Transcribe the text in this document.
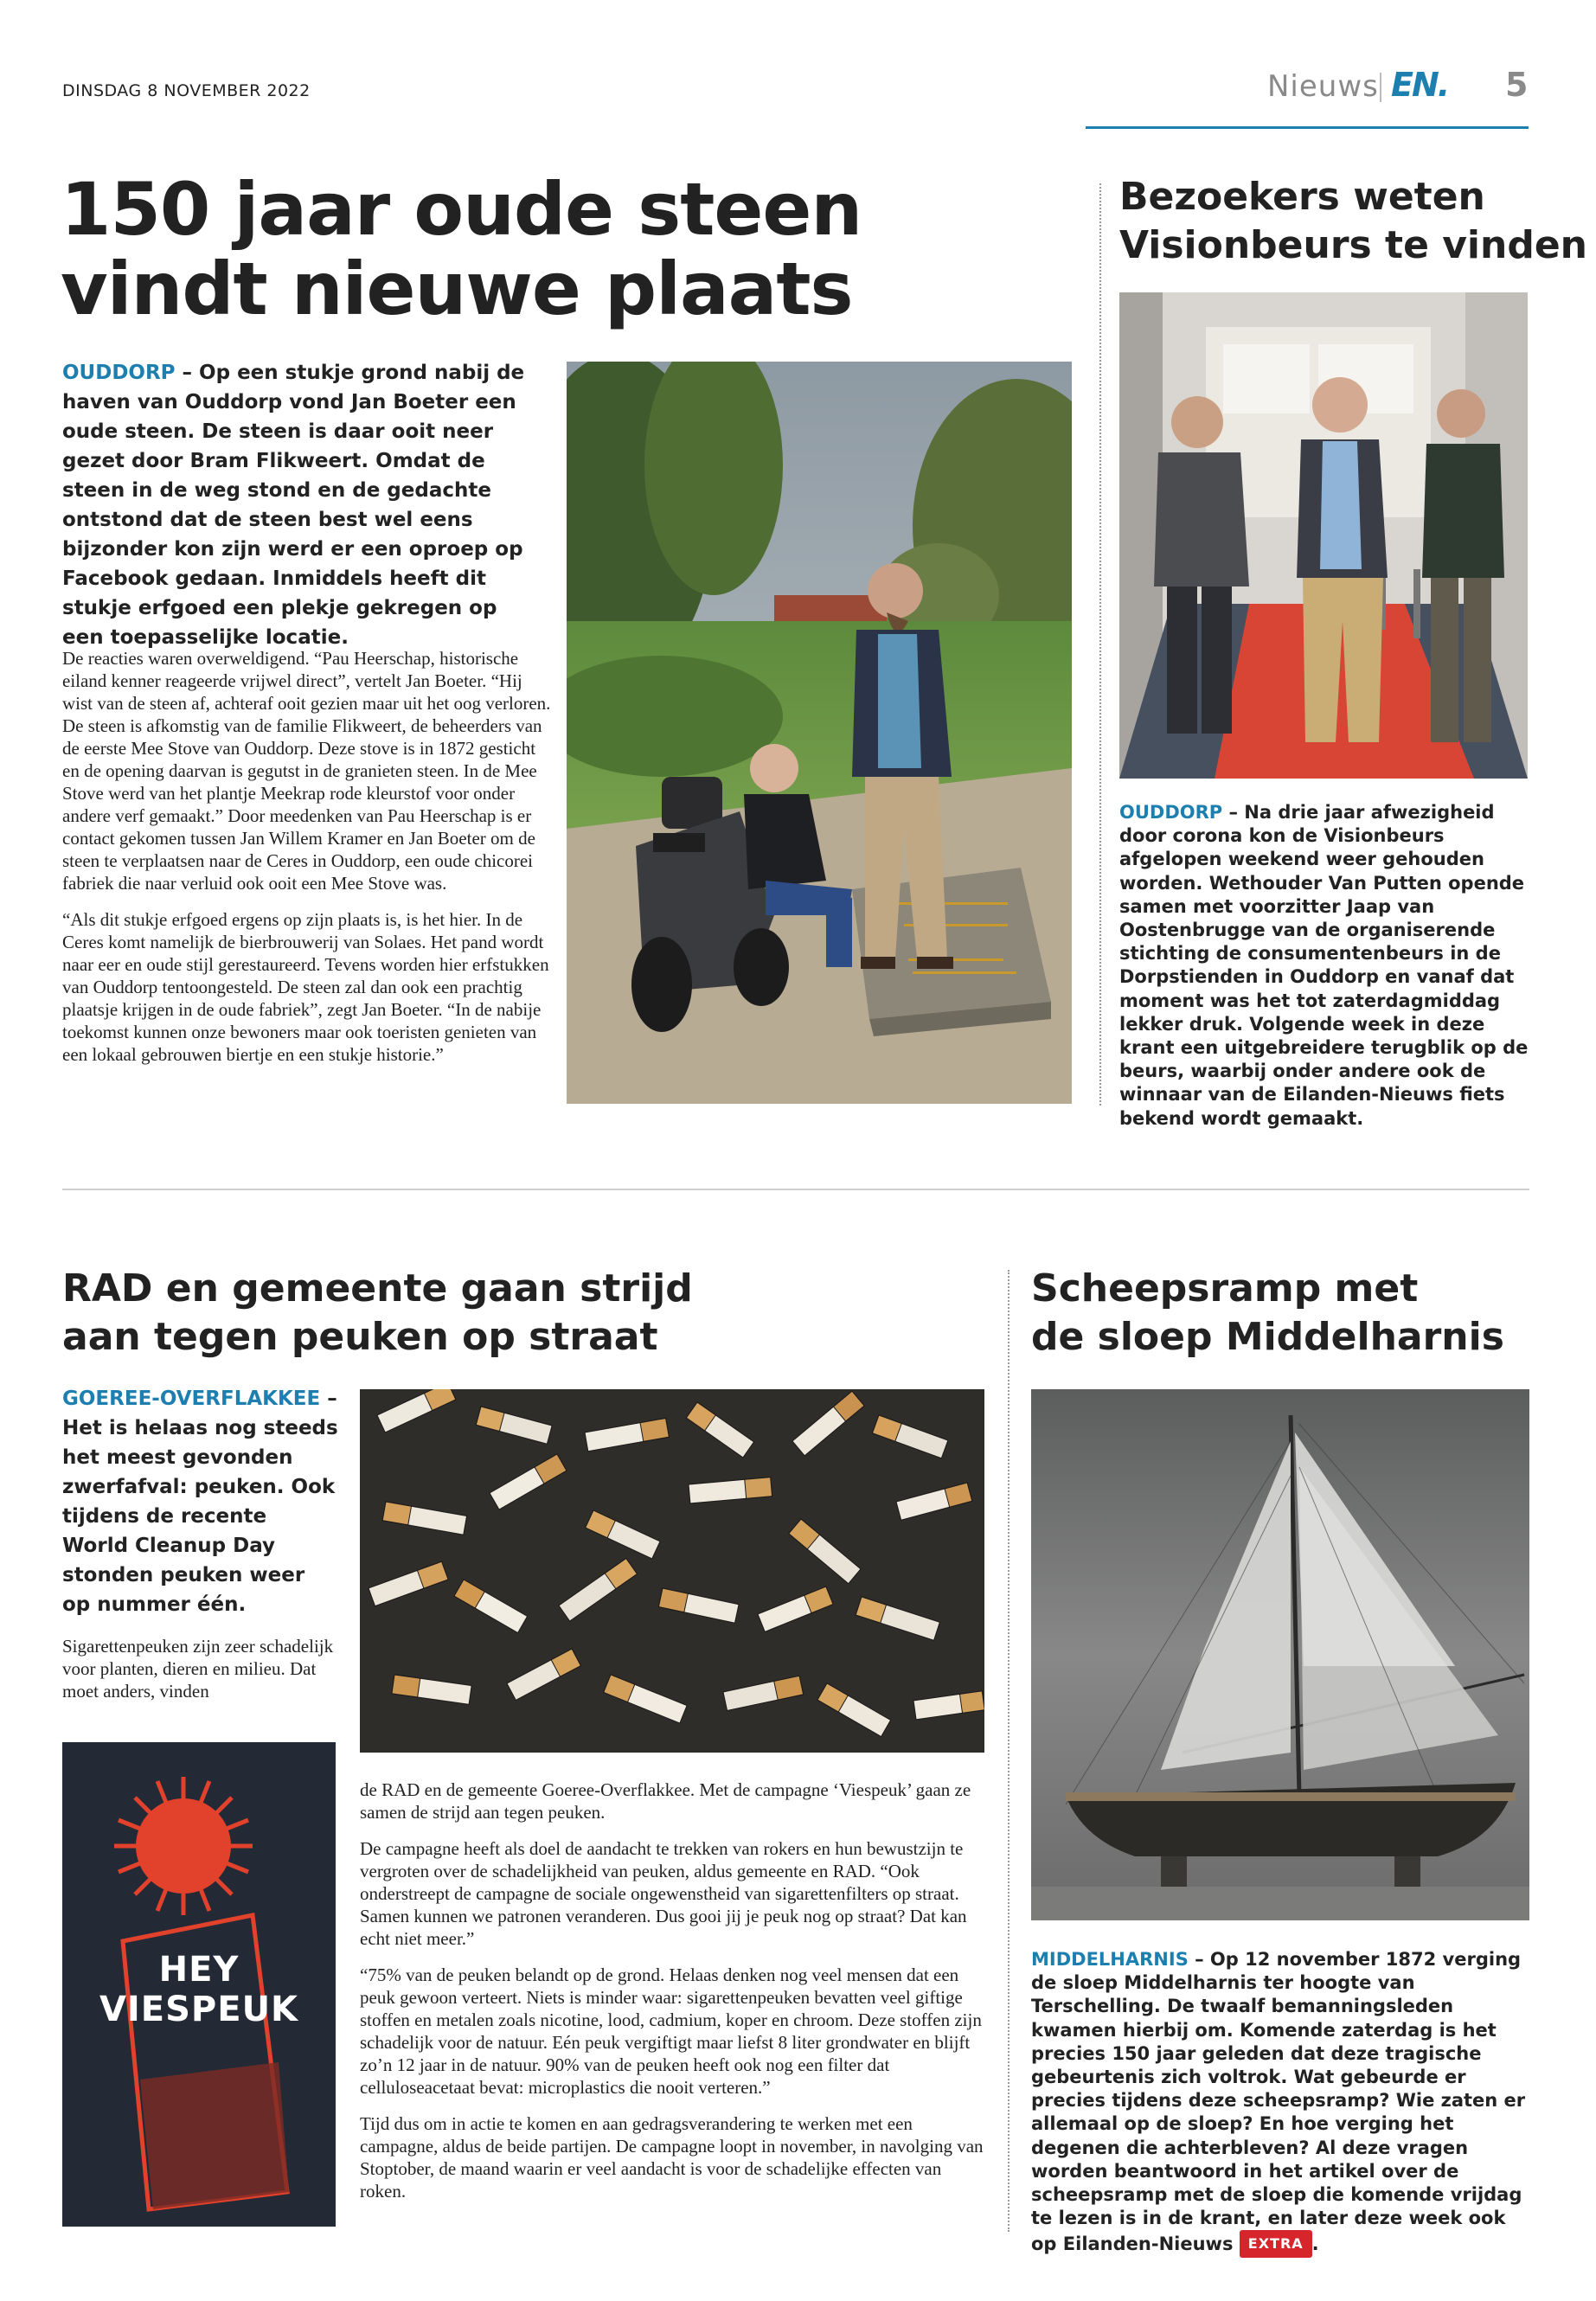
DINSDAG 8 NOVEMBER 2022	Nieuws EN. 5
150 jaar oude steen
vindt nieuwe plaats
OUDDORP – Op een stukje grond nabij de haven van Ouddorp vond Jan Boeter een oude steen. De steen is daar ooit neer gezet door Bram Flikweert. Omdat de steen in de weg stond en de gedachte ontstond dat de steen best wel eens bijzonder kon zijn werd er een oproep op Facebook gedaan. Inmiddels heeft dit stukje erfgoed een plekje gekregen op een toepasselijke locatie.

De reacties waren overweldigend. “Pau Heerschap, historische eiland kenner reageerde vrijwel direct”, vertelt Jan Boeter. “Hij wist van de steen af, achteraf ooit gezien maar uit het oog verloren. De steen is afkomstig van de familie Flikweert, de beheerders van de eerste Mee Stove van Ouddorp. Deze stove is in 1872 gesticht en de opening daarvan is gegutst in de granieten steen. In de Mee Stove werd van het plantje Meekrap rode kleurstof voor onder andere verf gemaakt.” Door meedenken van Pau Heerschap is er contact gekomen tussen Jan Willem Kramer en Jan Boeter om de steen te verplaatsen naar de Ceres in Ouddorp, een oude chicorei fabriek die naar verluid ook ooit een Mee Stove was.

“Als dit stukje erfgoed ergens op zijn plaats is, is het hier. In de Ceres komt namelijk de bierbrouwerij van Solaes. Het pand wordt naar eer en oude stijl gerestaureerd. Tevens worden hier erfstukken van Ouddorp tentoongesteld. De steen zal dan ook een prachtig plaatsje krijgen in de oude fabriek”, zegt Jan Boeter. “In de nabije toekomst kunnen onze bewoners maar ook toeristen genieten van een lokaal gebrouwen biertje en een stukje historie.”

Bezoekers weten
Visionbeurs te vinden
OUDDORP – Na drie jaar afwezigheid door corona kon de Visionbeurs afgelopen weekend weer gehouden worden. Wethouder Van Putten opende samen met voorzitter Jaap van Oostenbrugge van de organiserende stichting de consumentenbeurs in de Dorpstienden in Ouddorp en vanaf dat moment was het tot zaterdagmiddag lekker druk. Volgende week in deze krant een uitgebreidere terugblik op de beurs, waarbij onder andere ook de winnaar van de Eilanden-Nieuws fiets bekend wordt gemaakt.
RAD en gemeente gaan strijd
aan tegen peuken op straat
GOEREE-OVERFLAKKEE – Het is helaas nog steeds het meest gevonden zwerfafval: peuken. Ook tijdens de recente World Cleanup Day stonden peuken weer op nummer één.
Sigarettenpeuken zijn zeer schadelijk voor planten, dieren en milieu. Dat moet anders, vinden
HEY
VIESPEUK

de RAD en de gemeente Goeree-Overflakkee. Met de campagne ‘Viespeuk’ gaan ze samen de strijd aan tegen peuken.

De campagne heeft als doel de aandacht te trekken van rokers en hun bewustzijn te vergroten over de schadelijkheid van peuken, aldus gemeente en RAD. “Ook onderstreept de campagne de sociale ongewenstheid van sigarettenfilters op straat. Samen kunnen we patronen veranderen. Dus gooi jij je peuk nog op straat? Dat kan echt niet meer.”

“75% van de peuken belandt op de grond. Helaas denken nog veel mensen dat een peuk gewoon verteert. Niets is minder waar: sigarettenpeuken bevatten veel giftige stoffen en metalen zoals nicotine, lood, cadmium, koper en chroom. Deze stoffen zijn schadelijk voor de natuur. Eén peuk vergiftigt maar liefst 8 liter grondwater en blijft zo’n 12 jaar in de natuur. 90% van de peuken heeft ook nog een filter dat celluloseacetaat bevat: microplastics die nooit verteren.”

Tijd dus om in actie te komen en aan gedragsverandering te werken met een campagne, aldus de beide partijen. De campagne loopt in november, in navolging van Stoptober, de maand waarin er veel aandacht is voor de schadelijke effecten van roken.

Scheepsramp met
de sloep Middelharnis
MIDDELHARNIS – Op 12 november 1872 verging de sloep Middelharnis ter hoogte van Terschelling. De twaalf bemanningsleden kwamen hierbij om. Komende zaterdag is het precies 150 jaar geleden dat deze tragische gebeurtenis zich voltrok. Wat gebeurde er precies tijdens deze scheepsramp? Wie zaten er allemaal op de sloep? En hoe verging het degenen die achterbleven? Al deze vragen worden beantwoord in het artikel over de scheepsramp met de sloep die komende vrijdag te lezen is in de krant, en later deze week ook op Eilanden-Nieuws EXTRA .
